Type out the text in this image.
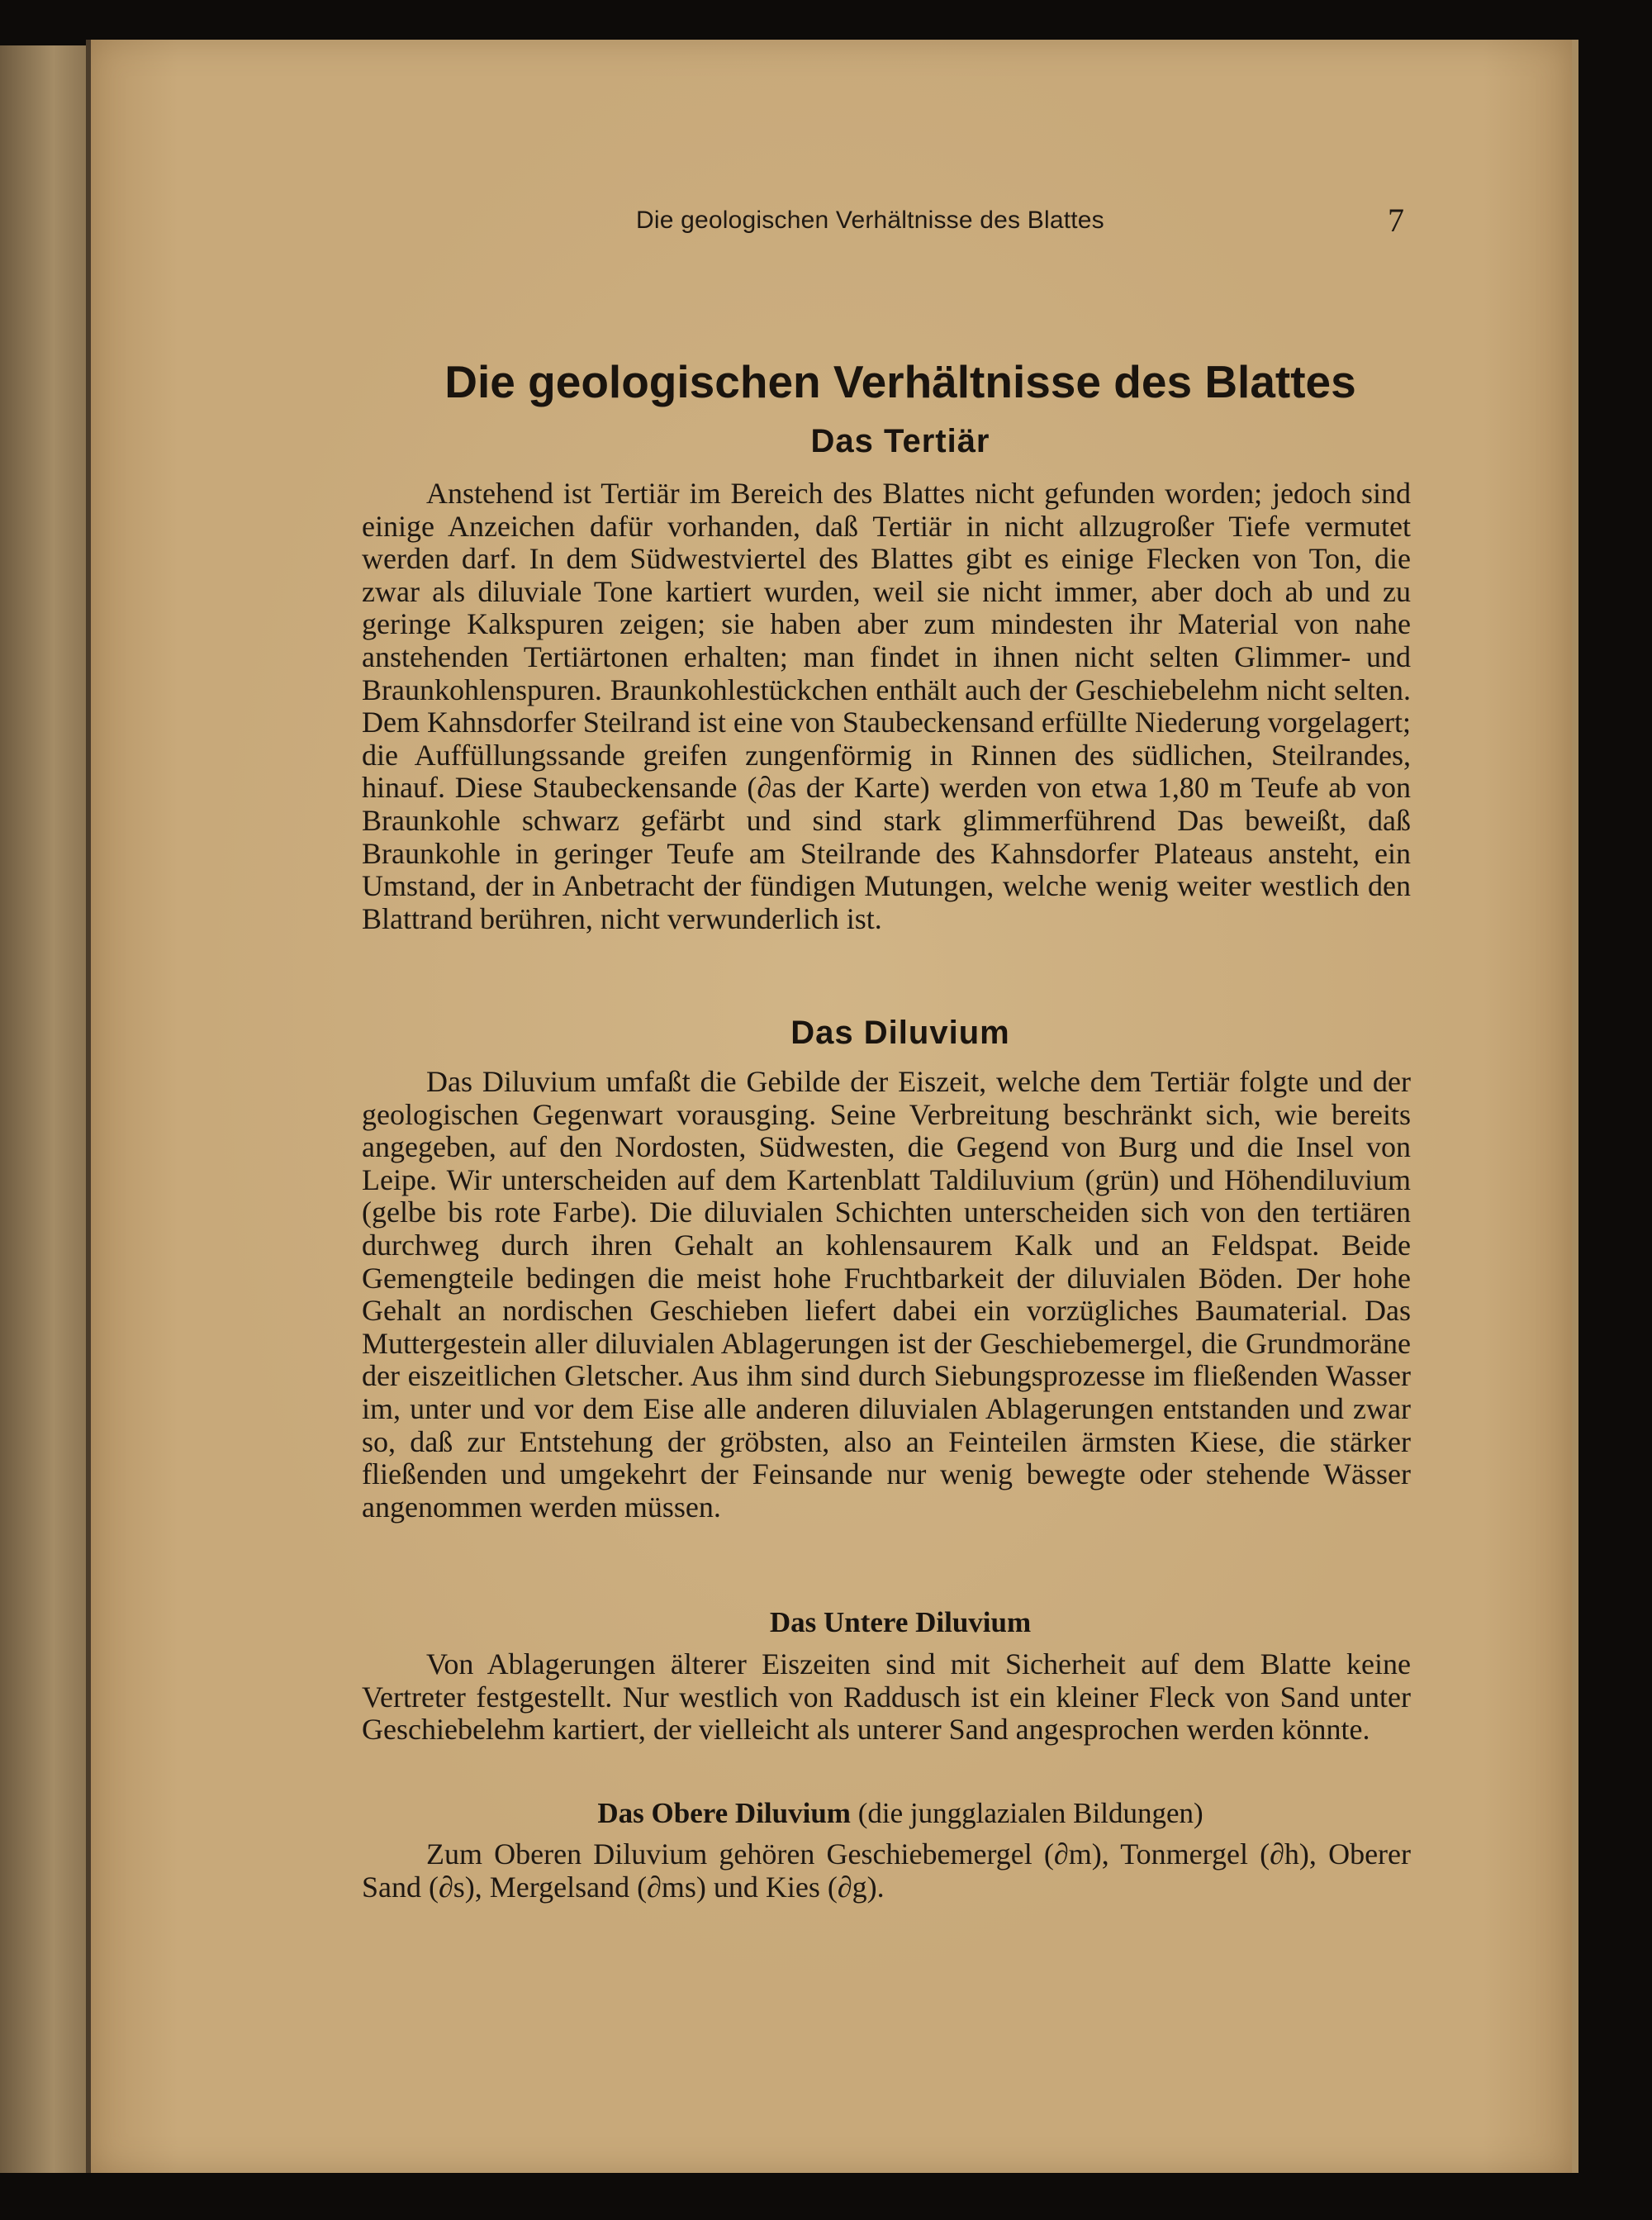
Die geologischen Verhältnisse des Blattes	7
Die geologischen Verhältnisse des Blattes
Das Tertiär

Anstehend ist Tertiär im Bereich des Blattes nicht gefunden worden; jedoch sind einige Anzeichen dafür vorhanden, daß Tertiär in nicht allzugroßer Tiefe vermutet werden darf. In dem Südwestviertel des Blattes gibt es einige Flecken von Ton, die zwar als diluviale Tone kartiert wurden, weil sie nicht immer, aber doch ab und zu geringe Kalkspuren zeigen; sie haben aber zum mindesten ihr Material von nahe anstehenden Tertiärtonen erhalten; man findet in ihnen nicht selten Glimmer- und Braunkohlenspuren. Braunkohlestückchen enthält auch der Geschiebelehm nicht selten. Dem Kahnsdorfer Steilrand ist eine von Staubeckensand erfüllte Niederung vorgelagert; die Auffüllungssande greifen zungenförmig in Rinnen des südlichen, Steilrandes, hinauf. Diese Staubeckensande (∂as der Karte) werden von etwa 1,80 m Teufe ab von Braunkohle schwarz gefärbt und sind stark glimmerführend Das beweißt, daß Braunkohle in geringer Teufe am Steilrande des Kahnsdorfer Plateaus ansteht, ein Umstand, der in Anbetracht der fündigen Mutungen, welche wenig weiter westlich den Blattrand berühren, nicht verwunderlich ist.

Das Diluvium

Das Diluvium umfaßt die Gebilde der Eiszeit, welche dem Tertiär folgte und der geologischen Gegenwart vorausging. Seine Verbreitung beschränkt sich, wie bereits angegeben, auf den Nordosten, Südwesten, die Gegend von Burg und die Insel von Leipe. Wir unterscheiden auf dem Kartenblatt Taldiluvium (grün) und Höhendiluvium (gelbe bis rote Farbe). Die diluvialen Schichten unterscheiden sich von den tertiären durchweg durch ihren Gehalt an kohlensaurem Kalk und an Feldspat. Beide Gemengteile bedingen die meist hohe Fruchtbarkeit der diluvialen Böden. Der hohe Gehalt an nordischen Geschieben liefert dabei ein vorzügliches Baumaterial. Das Muttergestein aller diluvialen Ablagerungen ist der Geschiebemergel, die Grundmoräne der eiszeitlichen Gletscher. Aus ihm sind durch Siebungsprozesse im fließenden Wasser im, unter und vor dem Eise alle anderen diluvialen Ablagerungen entstanden und zwar so, daß zur Entstehung der gröbsten, also an Feinteilen ärmsten Kiese, die stärker fließenden und umgekehrt der Feinsande nur wenig bewegte oder stehende Wässer angenommen werden müssen.

Das Untere Diluvium

Von Ablagerungen älterer Eiszeiten sind mit Sicherheit auf dem Blatte keine Vertreter festgestellt. Nur westlich von Raddusch ist ein kleiner Fleck von Sand unter Geschiebelehm kartiert, der vielleicht als unterer Sand angesprochen werden könnte.

Das Obere Diluvium (die jungglazialen Bildungen)

Zum Oberen Diluvium gehören Geschiebemergel (∂m), Tonmergel (∂h), Oberer Sand (∂s), Mergelsand (∂ms) und Kies (∂g).
